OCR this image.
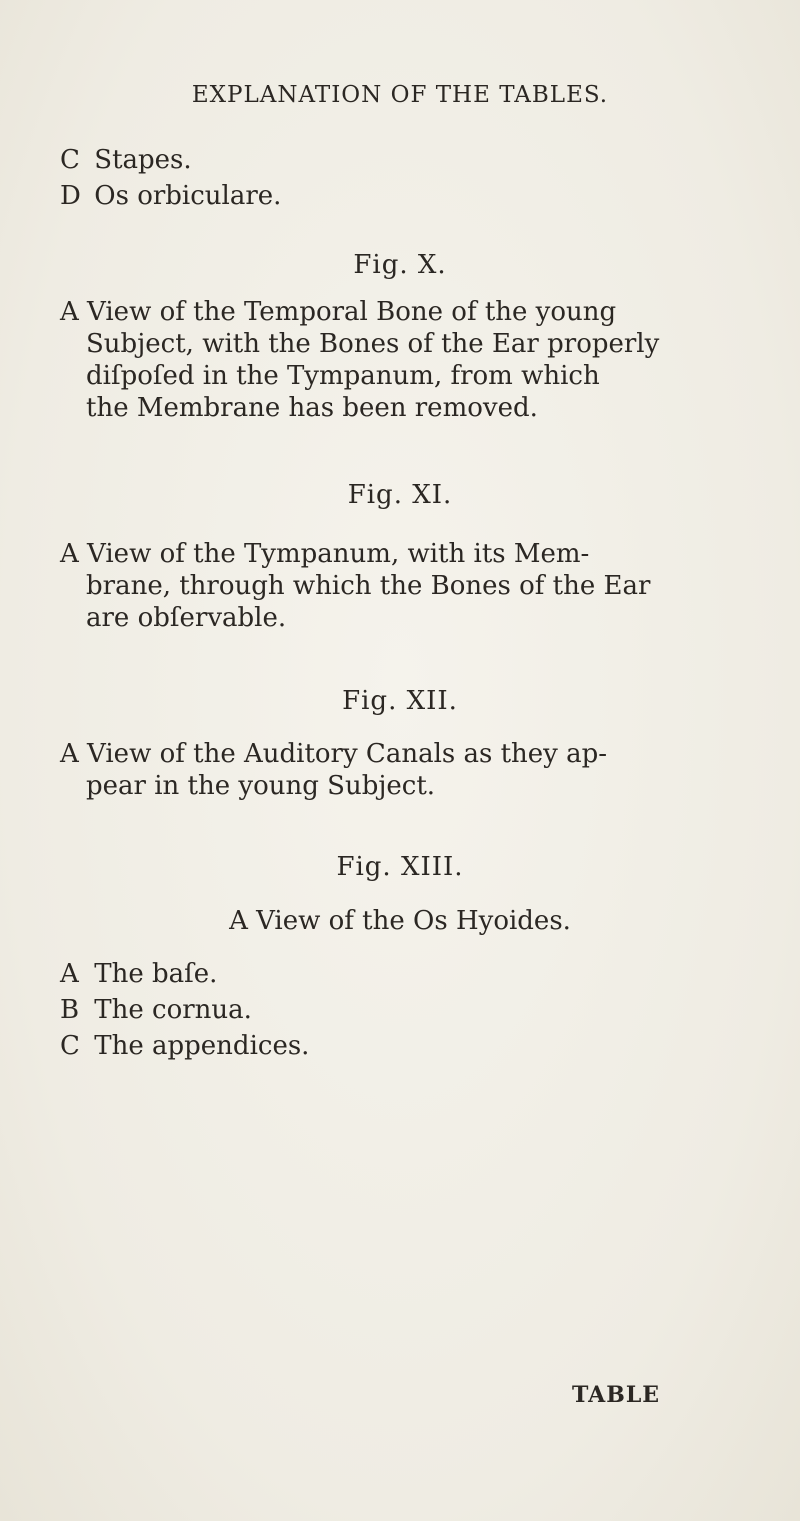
EXPLANATION OF THE TABLES.
C Stapes.
D Os orbiculare.
Fig. X.
A View of the Temporal Bone of the young
Subject, with the Bones of the Ear properly
diſpoſed in the Tympanum, from which
the Membrane has been removed.
Fig. XI.
A View of the Tympanum, with its Mem-
brane, through which the Bones of the Ear
are obſervable.
Fig. XII.
A View of the Auditory Canals as they ap-
pear in the young Subject.
Fig. XIII.
A View of the Os Hyoides.
A The baſe.
B The cornua.
C The appendices.
TABLE
